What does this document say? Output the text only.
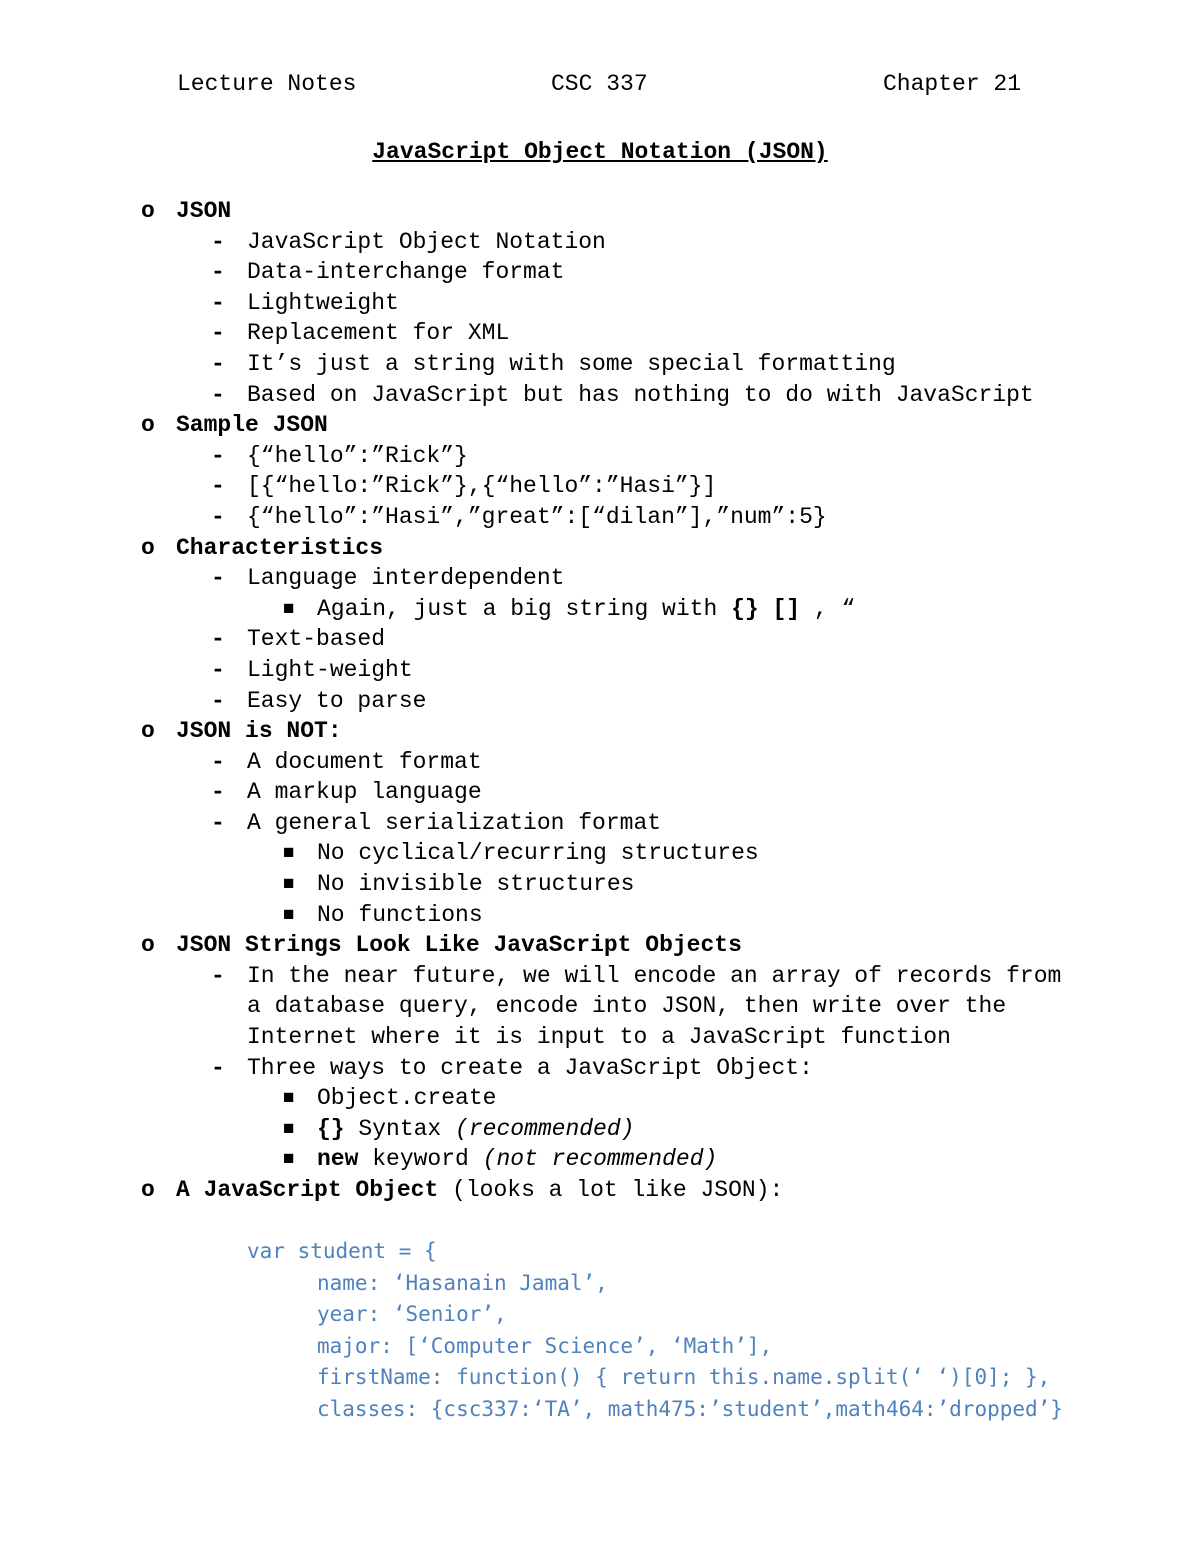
Lecture Notes	CSC 337	Chapter 21
JavaScript Object Notation (JSON)
o JSON
- JavaScript Object Notation
- Data-interchange format
- Lightweight
- Replacement for XML
- It’s just a string with some special formatting
- Based on JavaScript but has nothing to do with JavaScript
o Sample JSON
- {“hello”:”Rick”}
- [{“hello:”Rick”},{“hello”:”Hasi”}]
- {“hello”:”Hasi”,”great”:[“dilan”],”num”:5}
o Characteristics
- Language interdependent
■ Again, just a big string with {} [] , “
- Text-based
- Light-weight
- Easy to parse
o JSON is NOT:
- A document format
- A markup language
- A general serialization format
■ No cyclical/recurring structures
■ No invisible structures
■ No functions
o JSON Strings Look Like JavaScript Objects
- In the near future, we will encode an array of records from a database query, encode into JSON, then write over the Internet where it is input to a JavaScript function
- Three ways to create a JavaScript Object:
■ Object.create
■ {} Syntax (recommended)
■ new keyword (not recommended)
o A JavaScript Object (looks a lot like JSON):
var student = {
name: ‘Hasanain Jamal’,
year: ‘Senior’,
major: [‘Computer Science’, ‘Math’],
firstName: function() { return this.name.split(‘ ‘)[0]; },
classes: {csc337:‘TA’, math475:’student’,math464:’dropped’}
